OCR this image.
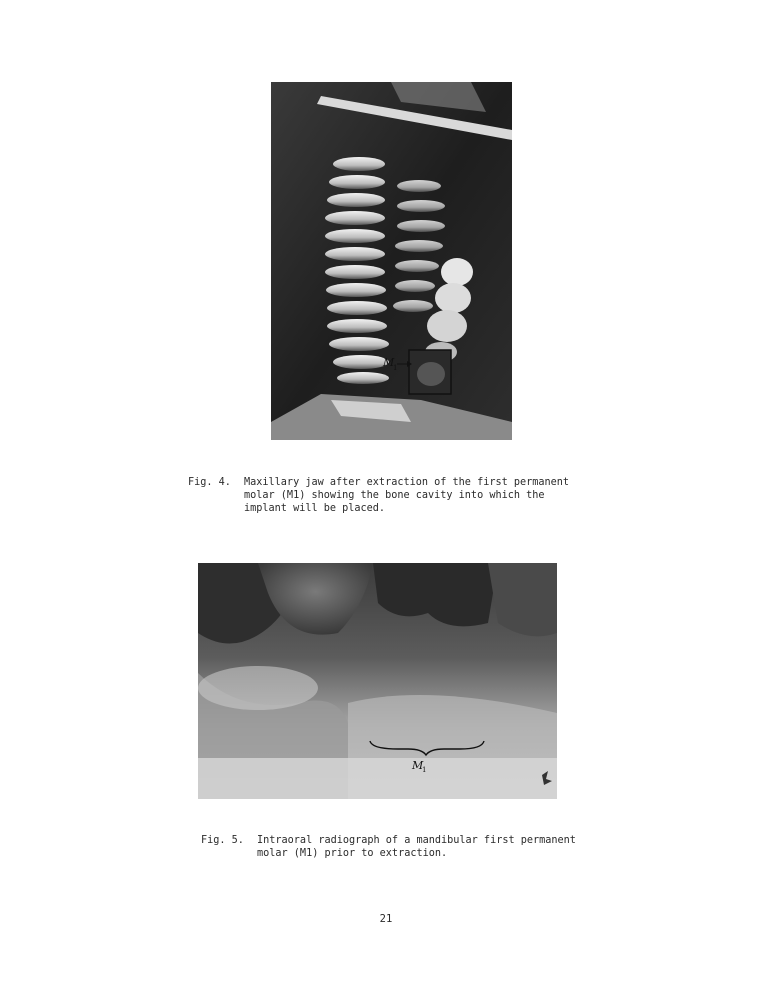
M
1
Fig. 4.	Maxillary jaw after extraction of the first permanent molar (M1) showing the bone cavity into which the implant will be placed.
M
1
Fig. 5.	Intraoral radiograph of a mandibular first permanent molar (M1) prior to extraction.
21
